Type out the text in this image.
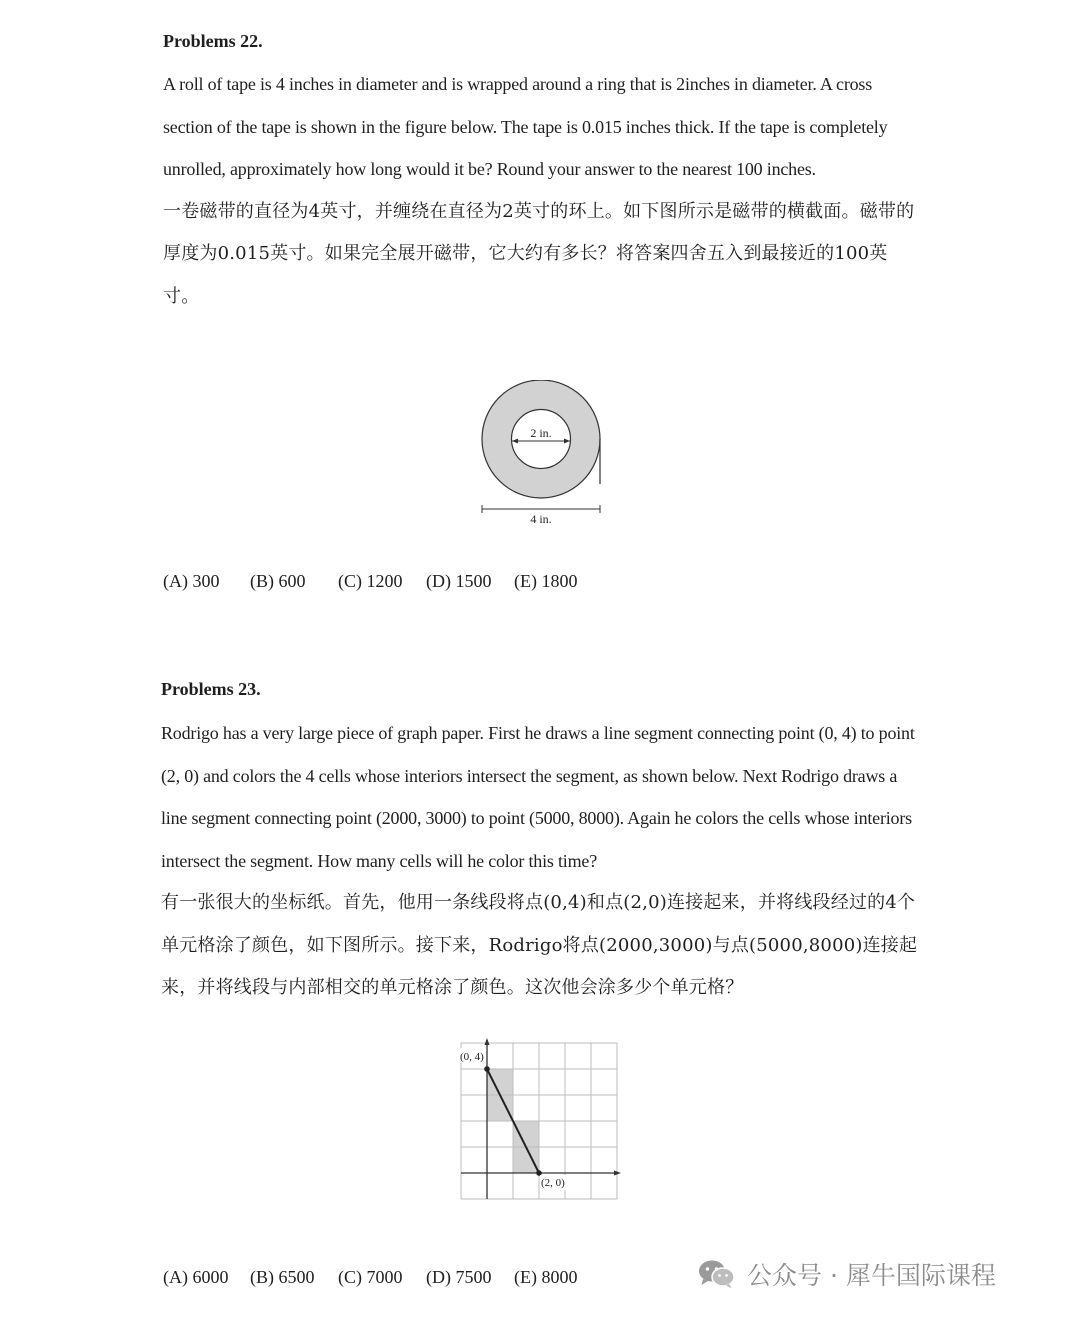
Problems 22.

A roll of tape is 4 inches in diameter and is wrapped around a ring that is 2inches in diameter. A cross section of the tape is shown in the figure below. The tape is 0.015 inches thick. If the tape is completely unrolled, approximately how long would it be? Round your answer to the nearest 100 inches.

一卷磁带的直径为4英寸，并缠绕在直径为2英寸的环上。如下图所示是磁带的横截面。磁带的厚度为0.015英寸。如果完全展开磁带，它大约有多长？将答案四舍五入到最接近的100英寸。

2 in.
4 in.
(A) 300 (B) 600 (C) 1200 (D) 1500 (E) 1800

Problems 23.

Rodrigo has a very large piece of graph paper. First he draws a line segment connecting point (0, 4) to point (2, 0) and colors the 4 cells whose interiors intersect the segment, as shown below. Next Rodrigo draws a line segment connecting point (2000, 3000) to point (5000, 8000). Again he colors the cells whose interiors intersect the segment. How many cells will he color this time?

有一张很大的坐标纸。首先，他用一条线段将点(0,4)和点(2,0)连接起来，并将线段经过的4个单元格涂了颜色，如下图所示。接下来，Rodrigo将点(2000,3000)与点(5000,8000)连接起来，并将线段与内部相交的单元格涂了颜色。这次他会涂多少个单元格？

(0, 4)
(2, 0)
(A) 6000 (B) 6500 (C) 7000 (D) 7500 (E) 8000	公众号 · 犀牛国际课程
